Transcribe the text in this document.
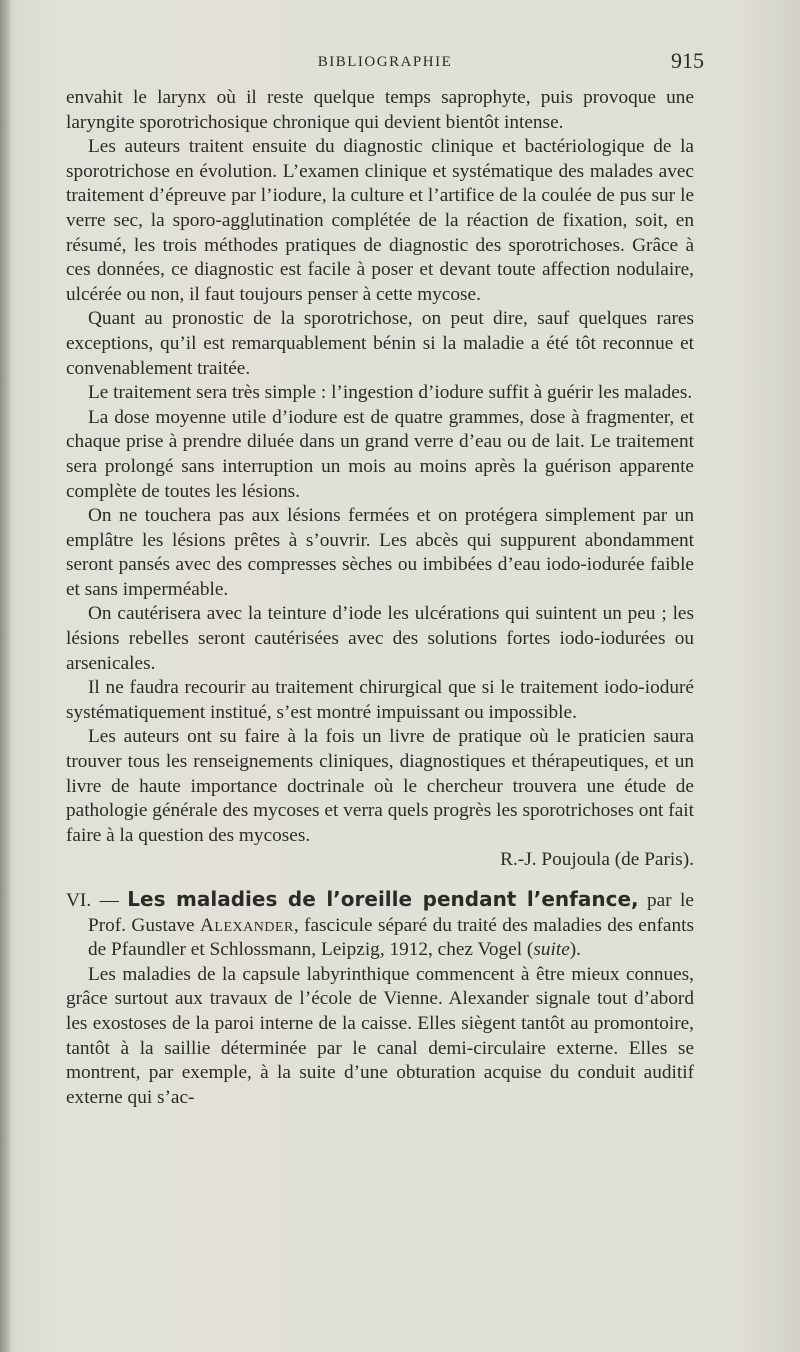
BIBLIOGRAPHIE	915

envahit le larynx où il reste quelque temps saprophyte, puis provoque une laryngite sporotrichosique chronique qui devient bientôt intense.

Les auteurs traitent ensuite du diagnostic clinique et bactériologique de la sporotrichose en évolution. L’examen clinique et systématique des malades avec traitement d’épreuve par l’iodure, la culture et l’artifice de la coulée de pus sur le verre sec, la sporo-agglutination complétée de la réaction de fixation, soit, en résumé, les trois méthodes pratiques de diagnostic des sporotrichoses. Grâce à ces données, ce diagnostic est facile à poser et devant toute affection nodulaire, ulcérée ou non, il faut toujours penser à cette mycose.

Quant au pronostic de la sporotrichose, on peut dire, sauf quelques rares exceptions, qu’il est remarquablement bénin si la maladie a été tôt reconnue et convenablement traitée.

Le traitement sera très simple : l’ingestion d’iodure suffit à guérir les malades.

La dose moyenne utile d’iodure est de quatre grammes, dose à fragmenter, et chaque prise à prendre diluée dans un grand verre d’eau ou de lait. Le traitement sera prolongé sans interruption un mois au moins après la guérison apparente complète de toutes les lésions.

On ne touchera pas aux lésions fermées et on protégera simplement par un emplâtre les lésions prêtes à s’ouvrir. Les abcès qui suppurent abondamment seront pansés avec des compresses sèches ou imbibées d’eau iodo-iodurée faible et sans imperméable.

On cautérisera avec la teinture d’iode les ulcérations qui suintent un peu ; les lésions rebelles seront cautérisées avec des solutions fortes iodo-iodurées ou arsenicales.

Il ne faudra recourir au traitement chirurgical que si le traitement iodo-ioduré systématiquement institué, s’est montré impuissant ou impossible.

Les auteurs ont su faire à la fois un livre de pratique où le praticien saura trouver tous les renseignements cliniques, diagnostiques et thérapeutiques, et un livre de haute importance doctrinale où le chercheur trouvera une étude de pathologie générale des mycoses et verra quels progrès les sporotrichoses ont fait faire à la question des mycoses.

R.-J. Poujoula (de Paris).

VI. — Les maladies de l’oreille pendant l’enfance, par le Prof. Gustave Alexander, fascicule séparé du traité des maladies des enfants de Pfaundler et Schlossmann, Leipzig, 1912, chez Vogel (suite).

Les maladies de la capsule labyrinthique commencent à être mieux connues, grâce surtout aux travaux de l’école de Vienne. Alexander signale tout d’abord les exostoses de la paroi interne de la caisse. Elles siègent tantôt au promontoire, tantôt à la saillie déterminée par le canal demi-circulaire externe. Elles se montrent, par exemple, à la suite d’une obturation acquise du conduit auditif externe qui s’ac-
